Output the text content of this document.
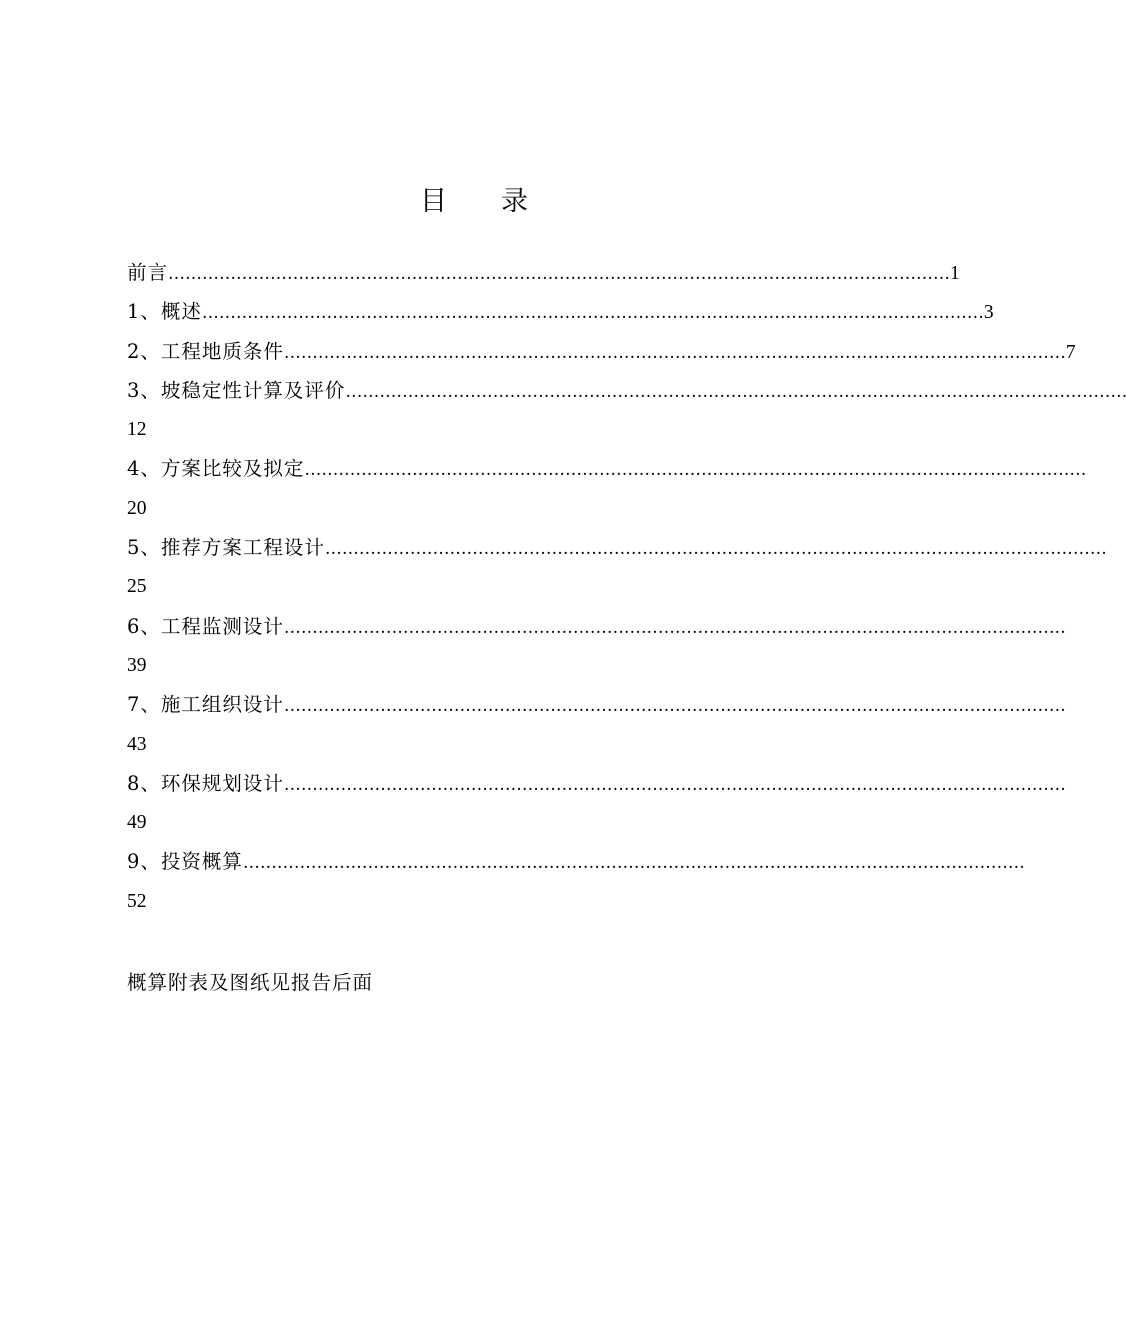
目 录
前言 ………………………………………………………………………………………………………………………… 1
1、概述 ………………………………………………………………………………………………………………………… 3
2、工程地质条件 ………………………………………………………………………………………………………………………… 7
3、坡稳定性计算及评价 …………………………………………………………………………………………………………………………
12
4、方案比较及拟定 …………………………………………………………………………………………………………………………
20
5、推荐方案工程设计 …………………………………………………………………………………………………………………………
25
6、工程监测设计 …………………………………………………………………………………………………………………………
39
7、施工组织设计 …………………………………………………………………………………………………………………………
43
8、环保规划设计 …………………………………………………………………………………………………………………………
49
9、投资概算 …………………………………………………………………………………………………………………………
52
概算附表及图纸见报告后面
